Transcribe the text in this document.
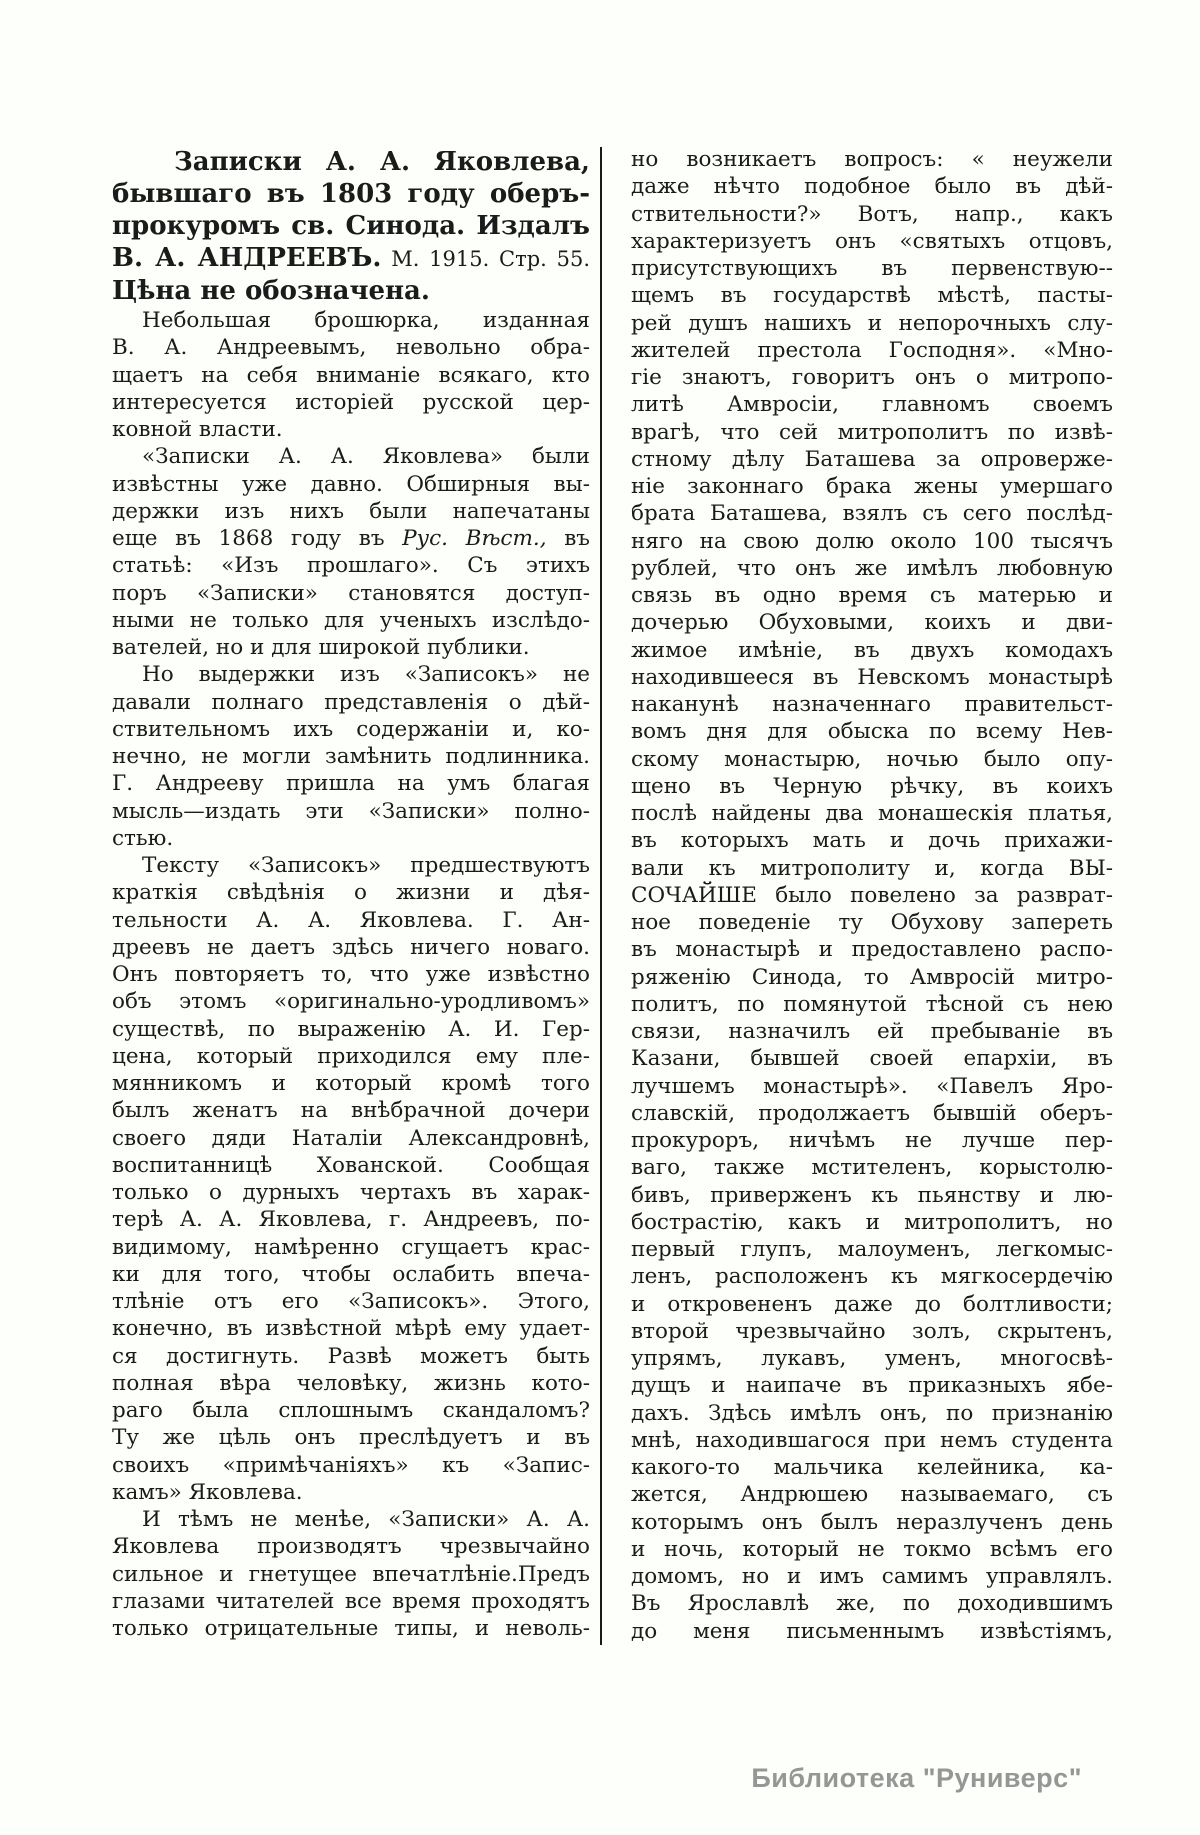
Записки А. А. Яковлева,
бывшаго въ 1803 году оберъ-
прокуромъ св. Синода. Издалъ
В. А. АНДРЕЕВЪ. М. 1915. Стр. 55.
Цѣна не обозначена.
Небольшая брошюрка, изданная
В. А. Андреевымъ, невольно обра-
щаетъ на себя вниманіе всякаго, кто
интересуется исторіей русской цер-
ковной власти.
«Записки А. А. Яковлева» были
извѣстны уже давно. Обширныя вы-
держки изъ нихъ были напечатаны
еще въ 1868 году въ Рус. Вѣст., въ
статьѣ: «Изъ прошлаго». Съ этихъ
поръ «Записки» становятся доступ-
ными не только для ученыхъ изслѣдо-
вателей, но и для широкой публики.
Но выдержки изъ «Записокъ» не
давали полнаго представленія о дѣй-
ствительномъ ихъ содержаніи и, ко-
нечно, не могли замѣнить подлинника.
Г. Андрееву пришла на умъ благая
мысль—издать эти «Записки» полно-
стью.
Тексту «Записокъ» предшествуютъ
краткія свѣдѣнія о жизни и дѣя-
тельности А. А. Яковлева. Г. Ан-
дреевъ не даетъ здѣсь ничего новаго.
Онъ повторяетъ то, что уже извѣстно
объ этомъ «оригинально-уродливомъ»
существѣ, по выраженію А. И. Гер-
цена, который приходился ему пле-
мянникомъ и который кромѣ того
былъ женатъ на внѣбрачной дочери
своего дяди Наталіи Александровнѣ,
воспитанницѣ Хованской. Сообщая
только о дурныхъ чертахъ въ харак-
терѣ А. А. Яковлева, г. Андреевъ, по-
видимому, намѣренно сгущаетъ крас-
ки для того, чтобы ослабить впеча-
тлѣніе отъ его «Записокъ». Этого,
конечно, въ извѣстной мѣрѣ ему удает-
ся достигнуть. Развѣ можетъ быть
полная вѣра человѣку, жизнь кото-
раго была сплошнымъ скандаломъ?
Ту же цѣль онъ преслѣдуетъ и въ
своихъ «примѣчаніяхъ» къ «Запис-
камъ» Яковлева.
И тѣмъ не менѣе, «Записки» А. А.
Яковлева производятъ чрезвычайно
сильное и гнетущее впечатлѣніе.Предъ
глазами читателей все время проходятъ
только отрицательные типы, и неволь-
но возникаетъ вопросъ: « неужели
даже нѣчто подобное было въ дѣй-
ствительности?» Вотъ, напр., какъ
характеризуетъ онъ «святыхъ отцовъ,
присутствующихъ въ первенствую--
щемъ въ государствѣ мѣстѣ, пасты-
рей душъ нашихъ и непорочныхъ слу-
жителей престола Господня». «Мно-
гіе знаютъ, говоритъ онъ о митропо-
литѣ Амвросіи, главномъ своемъ
врагѣ, что сей митрополитъ по извѣ-
стному дѣлу Баташева за опроверже-
ніе законнаго брака жены умершаго
брата Баташева, взялъ съ сего послѣд-
няго на свою долю около 100 тысячъ
рублей, что онъ же имѣлъ любовную
связь въ одно время съ матерью и
дочерью Обуховыми, коихъ и дви-
жимое имѣніе, въ двухъ комодахъ
находившееся въ Невскомъ монастырѣ
наканунѣ назначеннаго правительст-
вомъ дня для обыска по всему Нев-
скому монастырю, ночью было опу-
щено въ Черную рѣчку, въ коихъ
послѣ найдены два монашескія платья,
въ которыхъ мать и дочь прихажи-
вали къ митрополиту и, когда ВЫ-
СОЧАЙШЕ было повелено за разврат-
ное поведеніе ту Обухову запереть
въ монастырѣ и предоставлено распо-
ряженію Синода, то Амвросій митро-
политъ, по помянутой тѣсной съ нею
связи, назначилъ ей пребываніе въ
Казани, бывшей своей епархіи, въ
лучшемъ монастырѣ». «Павелъ Яро-
славскій, продолжаетъ бывшій оберъ-
прокуроръ, ничѣмъ не лучше пер-
ваго, также мстителенъ, корыстолю-
бивъ, приверженъ къ пьянству и лю-
бострастію, какъ и митрополитъ, но
первый глупъ, малоуменъ, легкомыс-
ленъ, расположенъ къ мягкосердечію
и откровененъ даже до болтливости;
второй чрезвычайно золъ, скрытенъ,
упрямъ, лукавъ, уменъ, многосвѣ-
дущъ и наипаче въ приказныхъ ябе-
дахъ. Здѣсь имѣлъ онъ, по признанію
мнѣ, находившагося при немъ студента
какого-то мальчика келейника, ка-
жется, Андрюшею называемаго, съ
которымъ онъ былъ неразлученъ день
и ночь, который не токмо всѣмъ его
домомъ, но и имъ самимъ управлялъ.
Въ Ярославлѣ же, по доходившимъ
до меня письменнымъ извѣстіямъ,
Библиотека "Руниверс"
